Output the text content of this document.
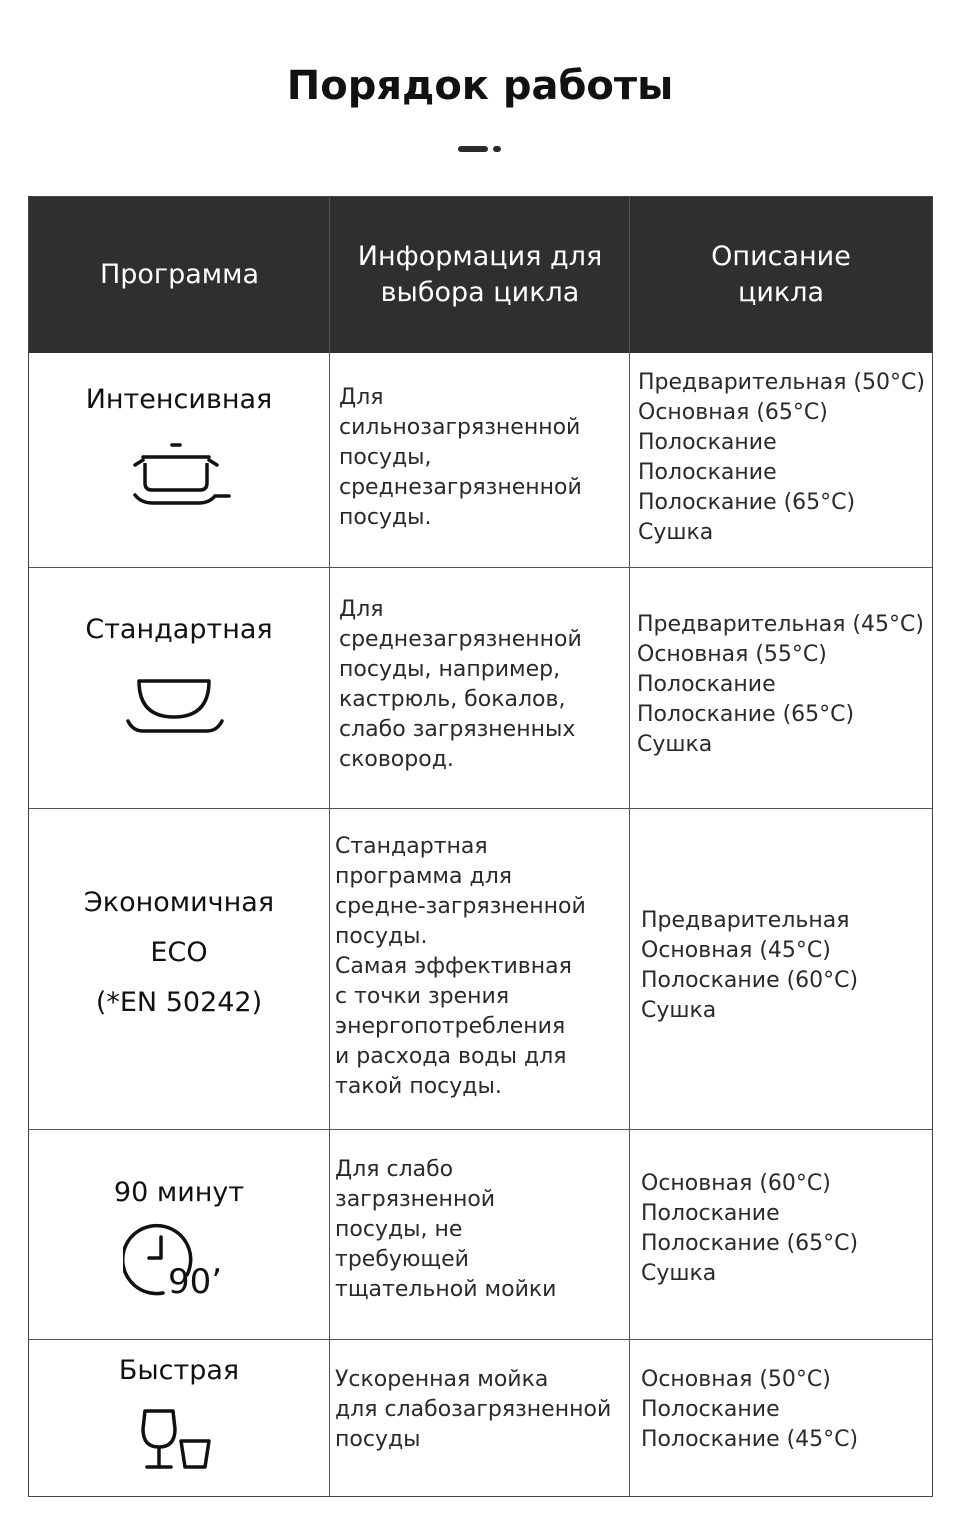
Порядок работы
Программа
Информация для
выбора цикла
Описание
цикла
Интенсивная	Для
сильнозагрязненной
посуды,
среднезагрязненной
посуды.
Предварительная (50°C)
Основная (65°C)
Полоскание
Полоскание
Полоскание (65°C)
Сушка
Стандартная
Для
среднезагрязненной
посуды, например,
кастрюль, бокалов,
слабо загрязненных
сковород.
Предварительная (45°C)
Основная (55°C)
Полоскание
Полоскание (65°C)
Сушка
Экономичная
ECO
(*EN 50242)
Стандартная
программа для
средне-загрязненной
посуды.
Самая эффективная
с точки зрения
энергопотребления
и расхода воды для
такой посуды.
Предварительная
Основная (45°C)
Полоскание (60°C)
Сушка
90 минут
90’
Для слабо
загрязненной
посуды, не
требующей
тщательной мойки
Основная (60°C)
Полоскание
Полоскание (65°C)
Сушка
Быстрая	Ускоренная мойка
для слабозагрязненной
посуды
Основная (50°C)
Полоскание
Полоскание (45°C)
